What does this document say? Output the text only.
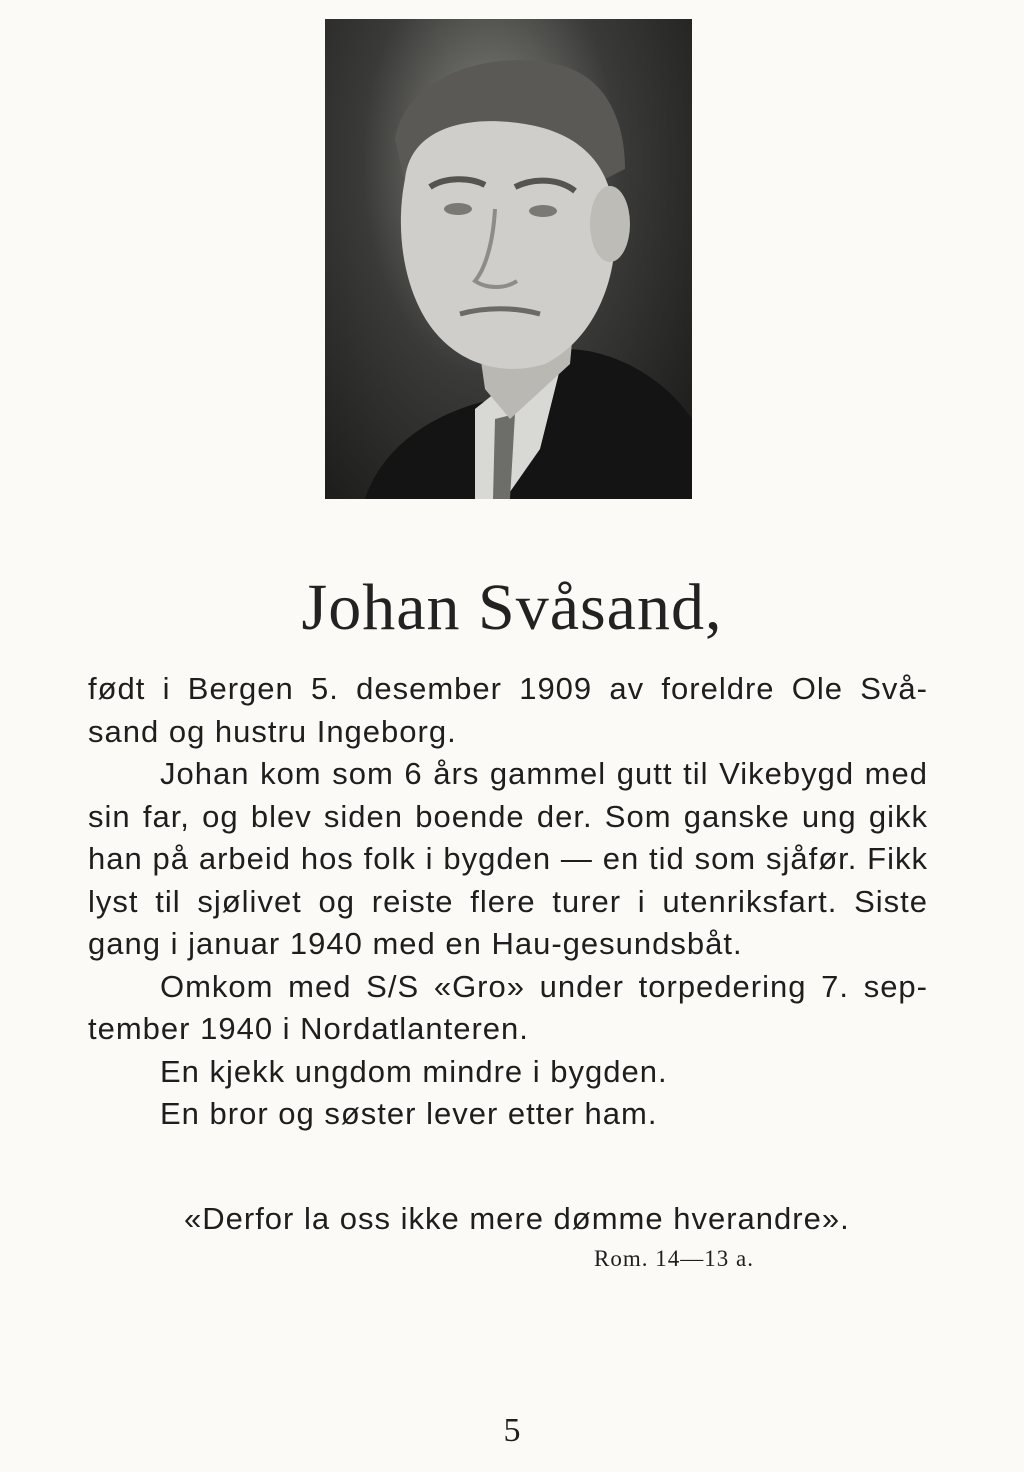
Johan Svåsand,

født i Bergen 5. desember 1909 av foreldre Ole Svå-sand og hustru Ingeborg.

Johan kom som 6 års gammel gutt til Vikebygd med sin far, og blev siden boende der. Som ganske ung gikk han på arbeid hos folk i bygden — en tid som sjåfør. Fikk lyst til sjølivet og reiste flere turer i utenriksfart. Siste gang i januar 1940 med en Hau-gesundsbåt.

Omkom med S/S «Gro» under torpedering 7. sep-tember 1940 i Nordatlanteren.

En kjekk ungdom mindre i bygden.

En bror og søster lever etter ham.

«Derfor la oss ikke mere dømme hverandre».
Rom. 14—13 a.
5
